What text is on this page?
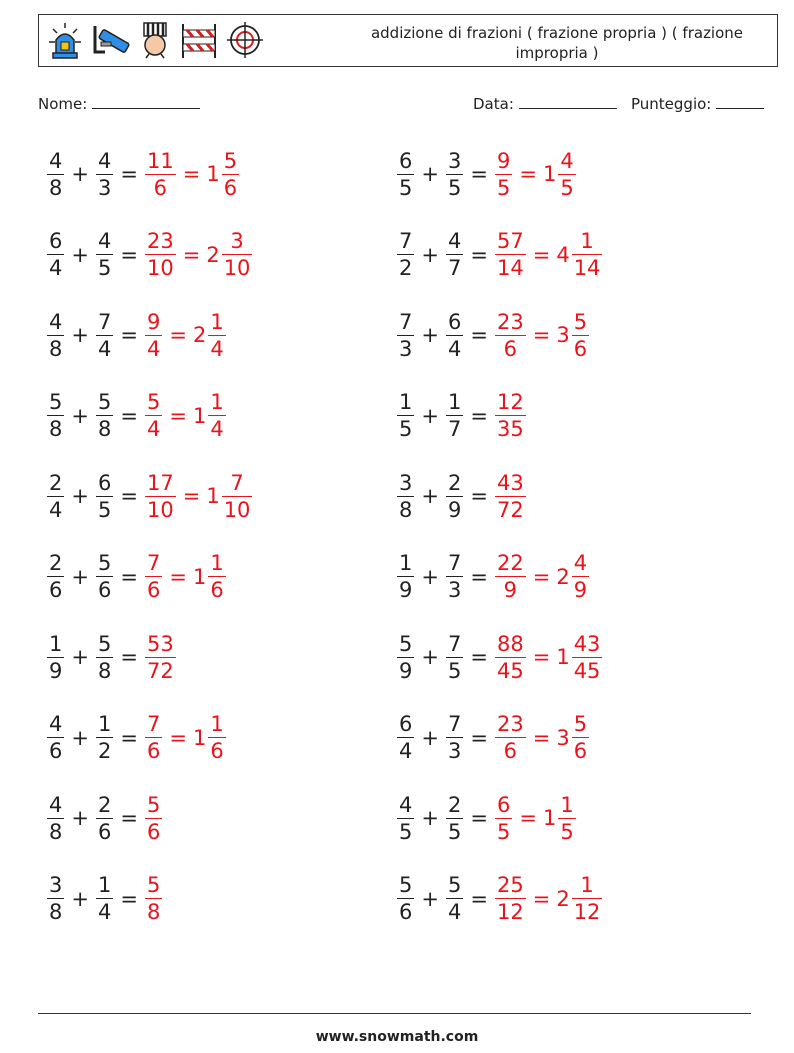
addizione di frazioni ( frazione propria ) ( frazione impropria )
Nome:	Data:	Punteggio:
$\frac{4}{8} + \frac{4}{3} = \frac{11}{6} = 1 \frac{5}{6}$	$\frac{6}{5} + \frac{3}{5} = \frac{9}{5} = 1 \frac{4}{5}$
$\frac{6}{4} + \frac{4}{5} = \frac{23}{10} = 2 \frac{3}{10}$	$\frac{7}{2} + \frac{4}{7} = \frac{57}{14} = 4 \frac{1}{14}$
$\frac{4}{8} + \frac{7}{4} = \frac{9}{4} = 2 \frac{1}{4}$	$\frac{7}{3} + \frac{6}{4} = \frac{23}{6} = 3 \frac{5}{6}$
$\frac{5}{8} + \frac{5}{8} = \frac{5}{4} = 1 \frac{1}{4}$	$\frac{1}{5} + \frac{1}{7} = \frac{12}{35}$
$\frac{2}{4} + \frac{6}{5} = \frac{17}{10} = 1 \frac{7}{10}$	$\frac{3}{8} + \frac{2}{9} = \frac{43}{72}$
$\frac{2}{6} + \frac{5}{6} = \frac{7}{6} = 1 \frac{1}{6}$	$\frac{1}{9} + \frac{7}{3} = \frac{22}{9} = 2 \frac{4}{9}$
$\frac{1}{9} + \frac{5}{8} = \frac{53}{72}$	$\frac{5}{9} + \frac{7}{5} = \frac{88}{45} = 1 \frac{43}{45}$
$\frac{4}{6} + \frac{1}{2} = \frac{7}{6} = 1 \frac{1}{6}$	$\frac{6}{4} + \frac{7}{3} = \frac{23}{6} = 3 \frac{5}{6}$
$\frac{4}{8} + \frac{2}{6} = \frac{5}{6}$	$\frac{4}{5} + \frac{2}{5} = \frac{6}{5} = 1 \frac{1}{5}$
$\frac{3}{8} + \frac{1}{4} = \frac{5}{8}$	$\frac{5}{6} + \frac{5}{4} = \frac{25}{12} = 2 \frac{1}{12}$
www.snowmath.com
